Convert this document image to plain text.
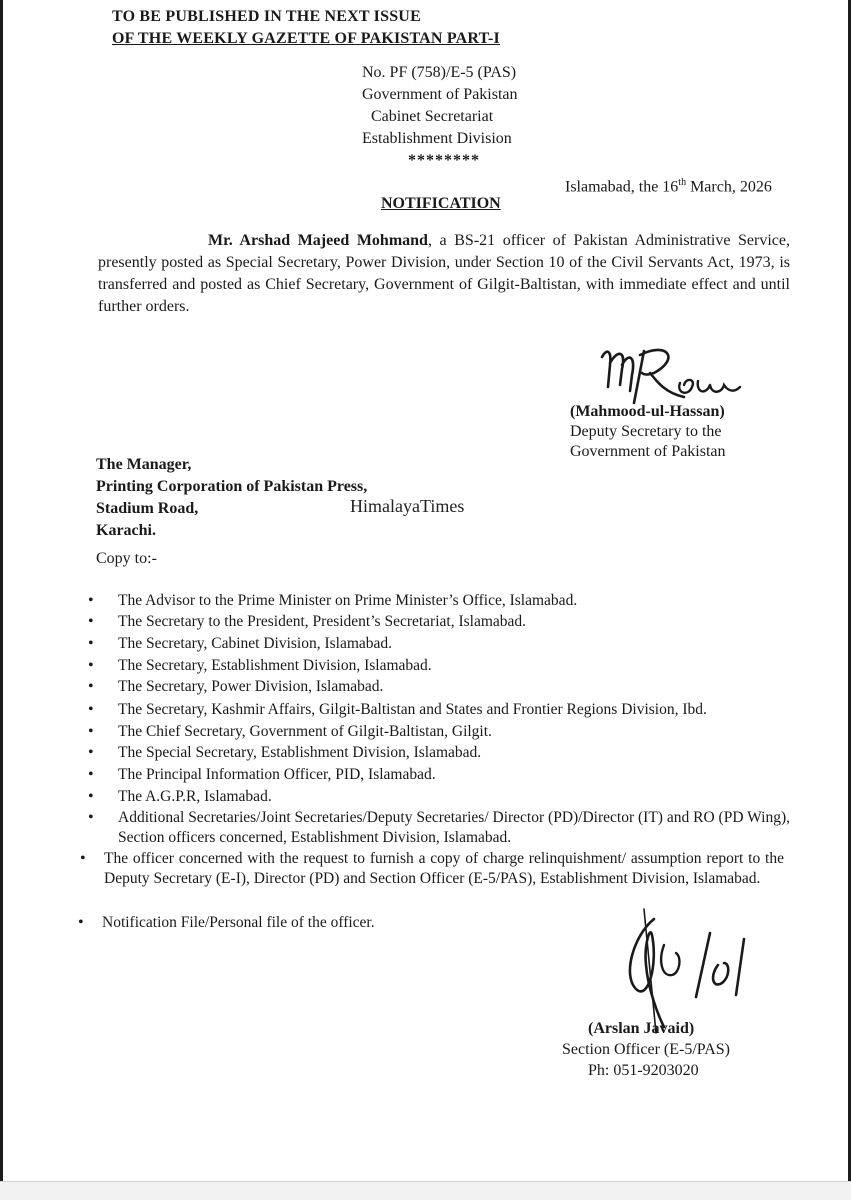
TO BE PUBLISHED IN THE NEXT ISSUE
OF THE WEEKLY GAZETTE OF PAKISTAN PART-I
No. PF (758)/E-5 (PAS)
Government of Pakistan
Cabinet Secretariat
Establishment Division
********
Islamabad, the 16th March, 2026
NOTIFICATION
Mr. Arshad Majeed Mohmand, a BS-21 officer of Pakistan Administrative Service, presently posted as Special Secretary, Power Division, under Section 10 of the Civil Servants Act, 1973, is transferred and posted as Chief Secretary, Government of Gilgit-Baltistan, with immediate effect and until further orders.
(Mahmood-ul-Hassan)
Deputy Secretary to the
Government of Pakistan
The Manager,
Printing Corporation of Pakistan Press,
Stadium Road,
Karachi.
HimalayaTimes
Copy to:-
• The Advisor to the Prime Minister on Prime Minister’s Office, Islamabad.
• The Secretary to the President, President’s Secretariat, Islamabad.
• The Secretary, Cabinet Division, Islamabad.
• The Secretary, Establishment Division, Islamabad.
• The Secretary, Power Division, Islamabad.
• The Secretary, Kashmir Affairs, Gilgit-Baltistan and States and Frontier Regions Division, Ibd.
• The Chief Secretary, Government of Gilgit-Baltistan, Gilgit.
• The Special Secretary, Establishment Division, Islamabad.
• The Principal Information Officer, PID, Islamabad.
• The A.G.P.R, Islamabad.
• Additional Secretaries/Joint Secretaries/Deputy Secretaries/ Director (PD)/Director (IT) and RO (PD Wing), Section officers concerned, Establishment Division, Islamabad.
• The officer concerned with the request to furnish a copy of charge relinquishment/ assumption report to the Deputy Secretary (E-I), Director (PD) and Section Officer (E-5/PAS), Establishment Division, Islamabad.
• Notification File/Personal file of the officer.
(Arslan Javaid)
Section Officer (E-5/PAS)
Ph: 051-9203020
